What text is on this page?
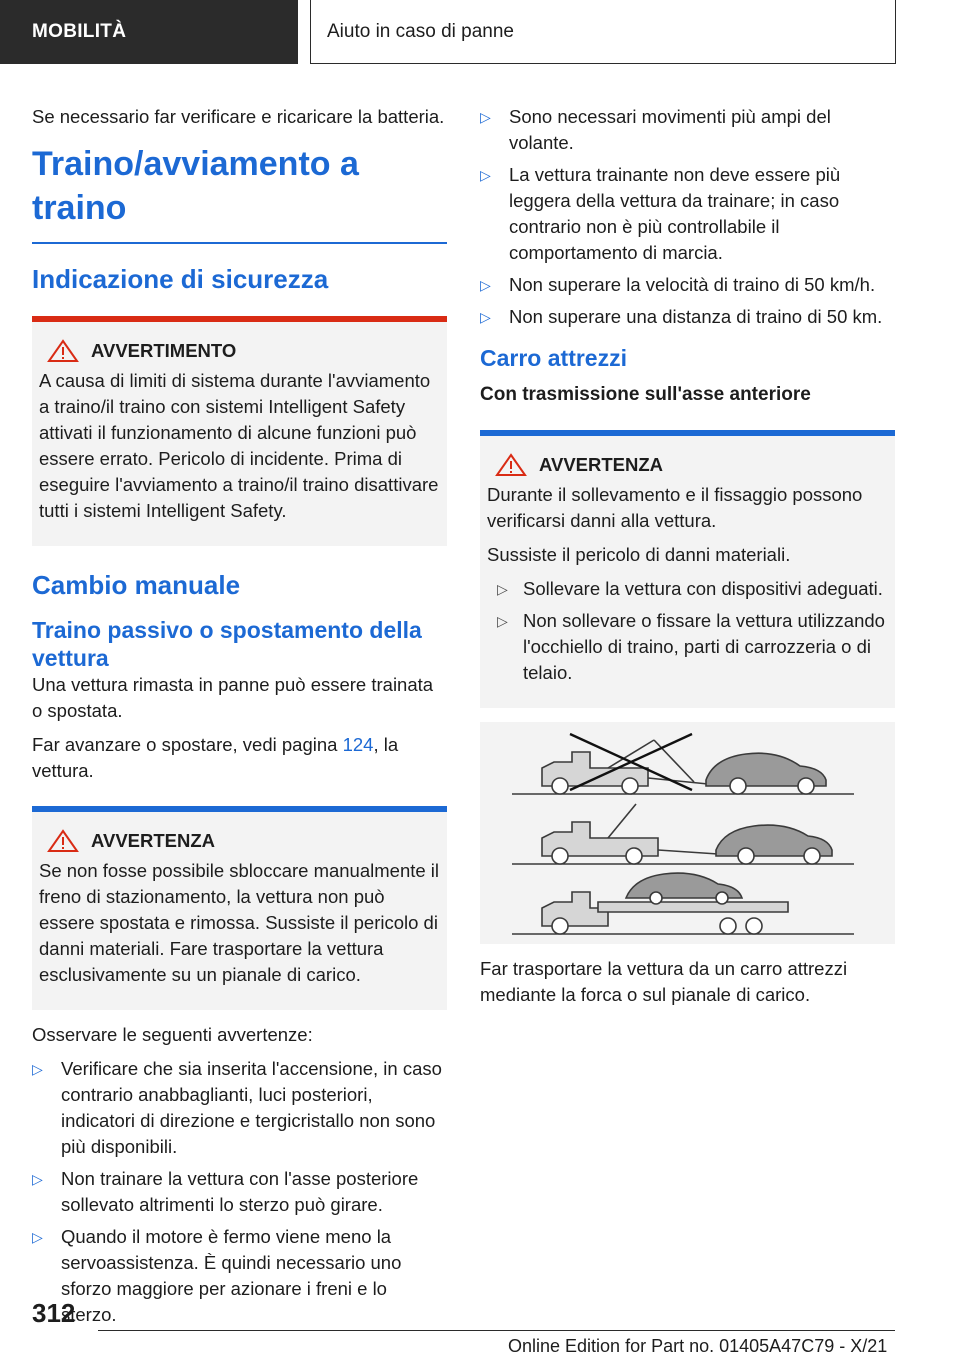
MOBILITÀ	Aiuto in caso di panne

Se necessario far verificare e ricaricare la batteria.

Traino/avviamento a traino
Indicazione di sicurezza
AVVERTIMENTO

A causa di limiti di sistema durante l'avviamento a traino/il traino con sistemi Intelligent Safety attivati il funzionamento di alcune funzioni può essere errato. Pericolo di incidente. Prima di eseguire l'avviamento a traino/il traino disattivare tutti i sistemi Intelligent Safety.

Cambio manuale
Traino passivo o spostamento della vettura

Una vettura rimasta in panne può essere trainata o spostata.

Far avanzare o spostare, vedi pagina 124, la vettura.

AVVERTENZA

Se non fosse possibile sbloccare manualmente il freno di stazionamento, la vettura non può essere spostata e rimossa. Sussiste il pericolo di danni materiali. Fare trasportare la vettura esclusivamente su un pianale di carico.

Osservare le seguenti avvertenze:

▷ Verificare che sia inserita l'accensione, in caso contrario anabbaglianti, luci posteriori, indicatori di direzione e tergicristallo non sono più disponibili.
▷ Non trainare la vettura con l'asse posteriore sollevato altrimenti lo sterzo può girare.
▷ Quando il motore è fermo viene meno la servoassistenza. È quindi necessario uno sforzo maggiore per azionare i freni e lo sterzo.
▷ Sono necessari movimenti più ampi del volante.
▷ La vettura trainante non deve essere più leggera della vettura da trainare; in caso contrario non è più controllabile il comportamento di marcia.
▷ Non superare la velocità di traino di 50 km/h.
▷ Non superare una distanza di traino di 50 km.
Carro attrezzi
Con trasmissione sull'asse anteriore
AVVERTENZA

Durante il sollevamento e il fissaggio possono verificarsi danni alla vettura.

Sussiste il pericolo di danni materiali.

▷ Sollevare la vettura con dispositivi adeguati.
▷ Non sollevare o fissare la vettura utilizzando l'occhiello di traino, parti di carrozzeria o di telaio.

Far trasportare la vettura da un carro attrezzi mediante la forca o sul pianale di carico.

312
Online Edition for Part no. 01405A47C79 - X/21
